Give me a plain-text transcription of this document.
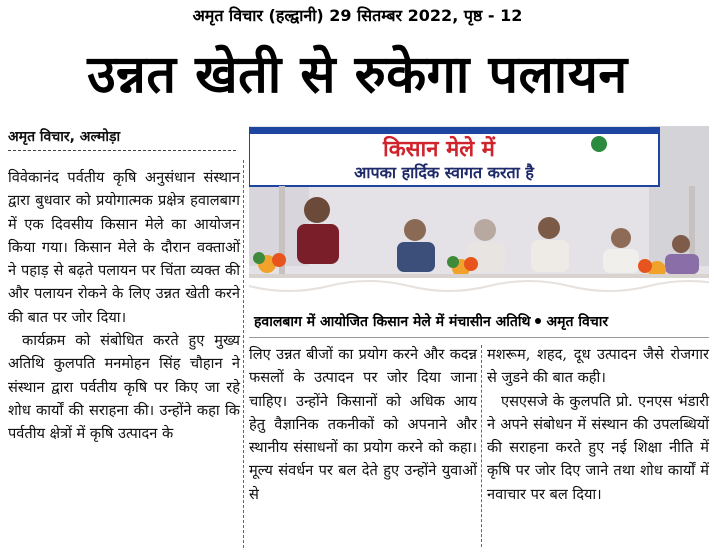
अमृत विचार (हल्द्वानी) 29 सितम्बर 2022, पृष्ठ - 12
उन्नत खेती से रुकेगा पलायन
अमृत विचार, अल्मोड़ा

विवेकानंद पर्वतीय कृषि अनुसंधान संस्थान द्वारा बुधवार को प्रयोगात्मक प्रक्षेत्र हवालबाग में एक दिवसीय किसान मेले का आयोजन किया गया। किसान मेले के दौरान वक्ताओं ने पहाड़ से बढ़ते पलायन पर चिंता व्यक्त की और पलायन रोकने के लिए उन्नत खेती करने की बात पर जोर दिया।

कार्यक्रम को संबोधित करते हुए मुख्य अतिथि कुलपति मनमोहन सिंह चौहान ने संस्थान द्वारा पर्वतीय कृषि पर किए जा रहे शोध कार्यों की सराहना की। उन्होंने कहा कि पर्वतीय क्षेत्रों में कृषि उत्पादन के

किसान मेले में
आपका हार्दिक स्वागत करता है
हवालबाग में आयोजित किसान मेले में मंचासीन अतिथि अमृत विचार

लिए उन्नत बीजों का प्रयोग करने और कदन्न फसलों के उत्पादन पर जोर दिया जाना चाहिए। उन्होंने किसानों को अधिक आय हेतु वैज्ञानिक तकनीकों को अपनाने और स्थानीय संसाधनों का प्रयोग करने को कहा। मूल्य संवर्धन पर बल देते हुए उन्होंने युवाओं से

मशरूम, शहद, दूध उत्पादन जैसे रोजगार से जुडने की बात कही।

एसएसजे के कुलपति प्रो. एनएस भंडारी ने अपने संबोधन में संस्थान की उपलब्धियों की सराहना करते हुए नई शिक्षा नीति में कृषि पर जोर दिए जाने तथा शोध कार्यों में नवाचार पर बल दिया।
